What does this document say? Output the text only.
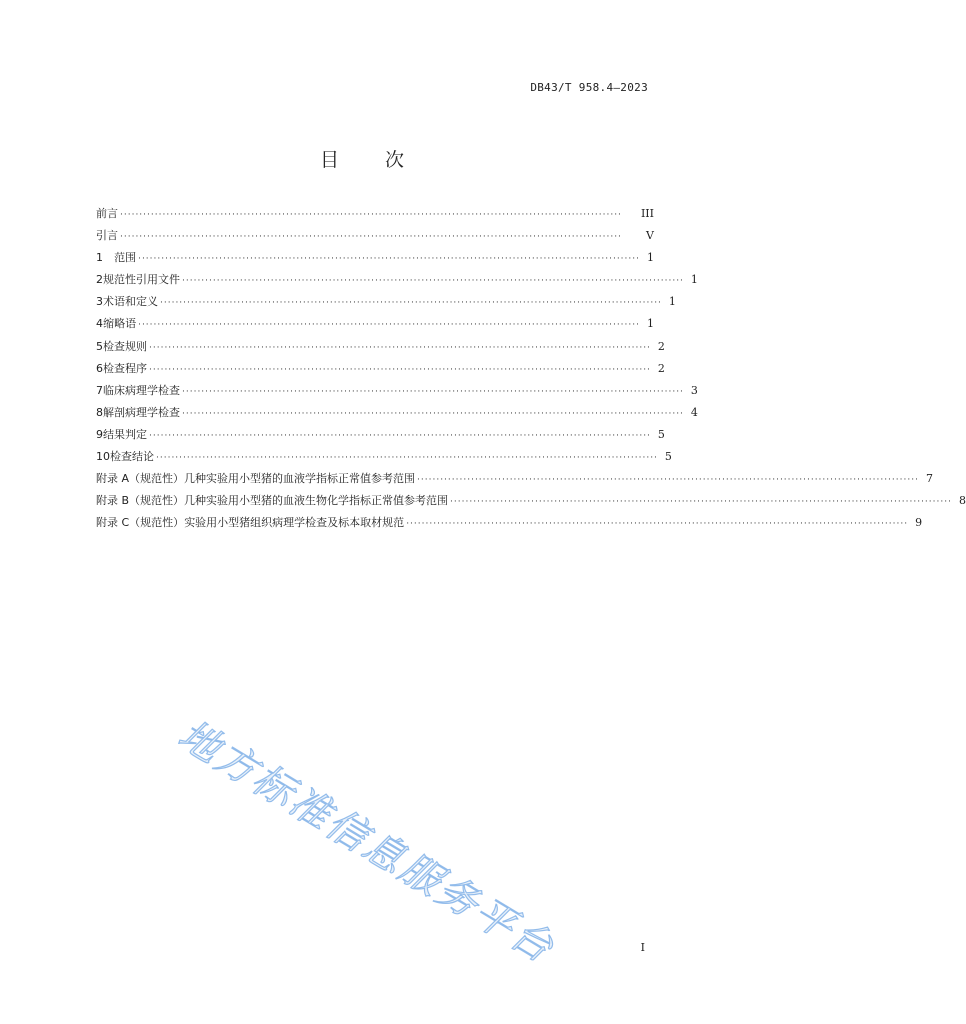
DB43/T 958.4—2023
目 次
前言 ··································································································································	III
引言 ··································································································································	V
1	范围 ·································································································································· 1
2 规范性引用文件 ·································································································································· 1
3 术语和定义 ·································································································································· 1
4 缩略语 ·································································································································· 1
5 检查规则 ·································································································································· 2
6 检查程序 ·································································································································· 2
7 临床病理学检查 ·································································································································· 3
8 解剖病理学检查 ·································································································································· 4
9 结果判定 ·································································································································· 5
10 检查结论 ·································································································································· 5
附录 A（规范性） 几种实验用小型猪的血液学指标正常值参考范围 ·································································································································· 7
附录 B（规范性） 几种实验用小型猪的血液生物化学指标正常值参考范围 ·································································································································· 8
附录 C（规范性） 实验用小型猪组织病理学检查及标本取材规范 ·································································································································· 9
地方标准信息服务平台	I
